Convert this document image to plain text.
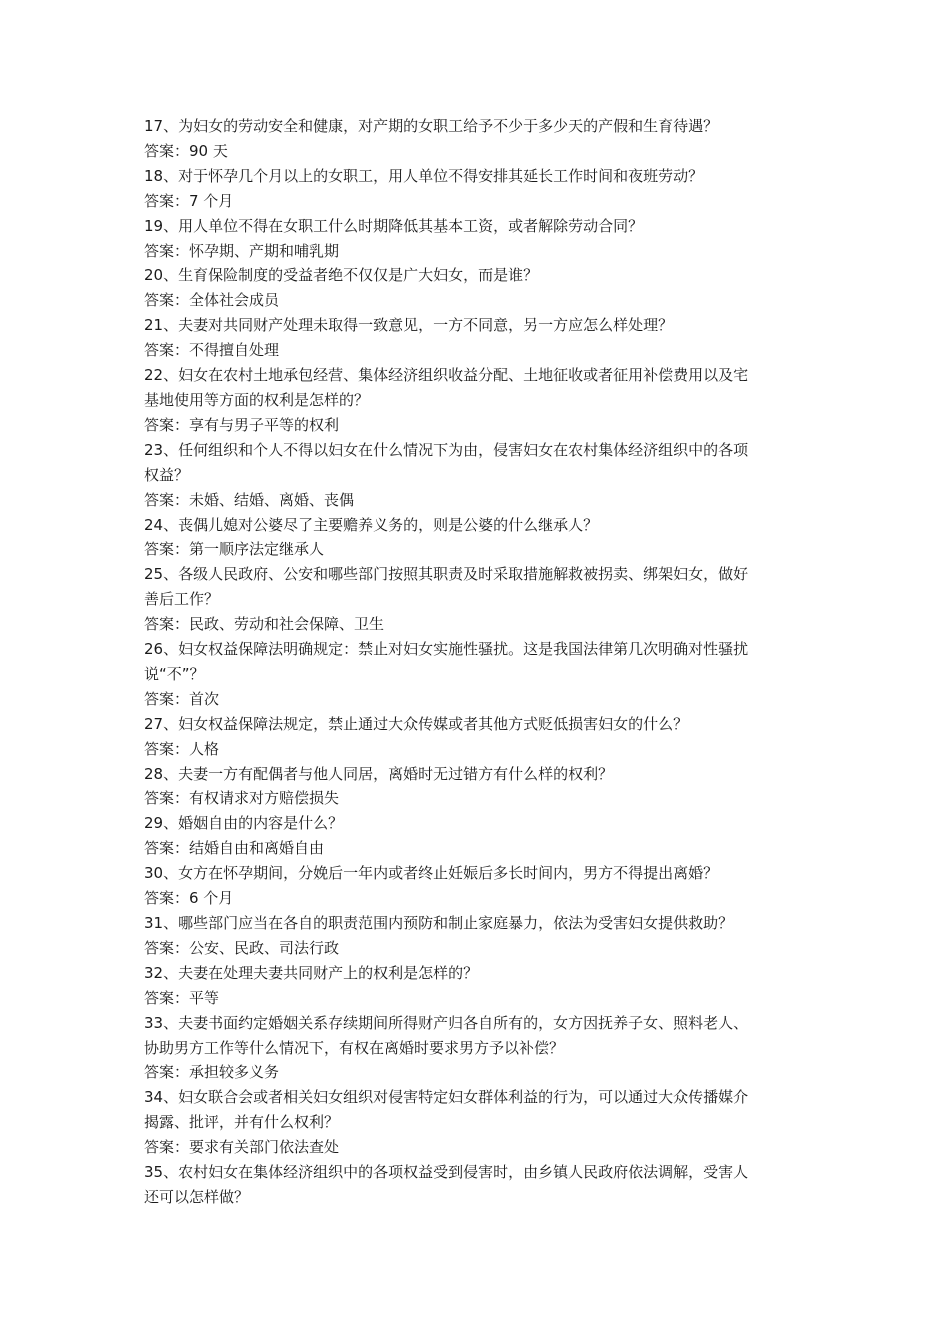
17、为妇女的劳动安全和健康，对产期的女职工给予不少于多少天的产假和生育待遇？
答案：90 天
18、对于怀孕几个月以上的女职工，用人单位不得安排其延长工作时间和夜班劳动？
答案：7 个月
19、用人单位不得在女职工什么时期降低其基本工资，或者解除劳动合同？
答案：怀孕期、产期和哺乳期
20、生育保险制度的受益者绝不仅仅是广大妇女，而是谁？
答案：全体社会成员
21、夫妻对共同财产处理未取得一致意见，一方不同意，另一方应怎么样处理？
答案：不得擅自处理
22、妇女在农村土地承包经营、集体经济组织收益分配、土地征收或者征用补偿费用以及宅
基地使用等方面的权利是怎样的？
答案：享有与男子平等的权利
23、任何组织和个人不得以妇女在什么情况下为由，侵害妇女在农村集体经济组织中的各项
权益？
答案：未婚、结婚、离婚、丧偶
24、丧偶儿媳对公婆尽了主要赡养义务的，则是公婆的什么继承人？
答案：第一顺序法定继承人
25、各级人民政府、公安和哪些部门按照其职责及时采取措施解救被拐卖、绑架妇女，做好
善后工作？
答案：民政、劳动和社会保障、卫生
26、妇女权益保障法明确规定：禁止对妇女实施性骚扰。这是我国法律第几次明确对性骚扰
说“不”？
答案：首次
27、妇女权益保障法规定，禁止通过大众传媒或者其他方式贬低损害妇女的什么？
答案：人格
28、夫妻一方有配偶者与他人同居，离婚时无过错方有什么样的权利？
答案：有权请求对方赔偿损失
29、婚姻自由的内容是什么？
答案：结婚自由和离婚自由
30、女方在怀孕期间，分娩后一年内或者终止妊娠后多长时间内，男方不得提出离婚？
答案：6 个月
31、哪些部门应当在各自的职责范围内预防和制止家庭暴力，依法为受害妇女提供救助？
答案：公安、民政、司法行政
32、夫妻在处理夫妻共同财产上的权利是怎样的？
答案：平等
33、夫妻书面约定婚姻关系存续期间所得财产归各自所有的，女方因抚养子女、照料老人、
协助男方工作等什么情况下，有权在离婚时要求男方予以补偿？
答案：承担较多义务
34、妇女联合会或者相关妇女组织对侵害特定妇女群体利益的行为，可以通过大众传播媒介
揭露、批评，并有什么权利？
答案：要求有关部门依法查处
35、农村妇女在集体经济组织中的各项权益受到侵害时，由乡镇人民政府依法调解，受害人
还可以怎样做？
